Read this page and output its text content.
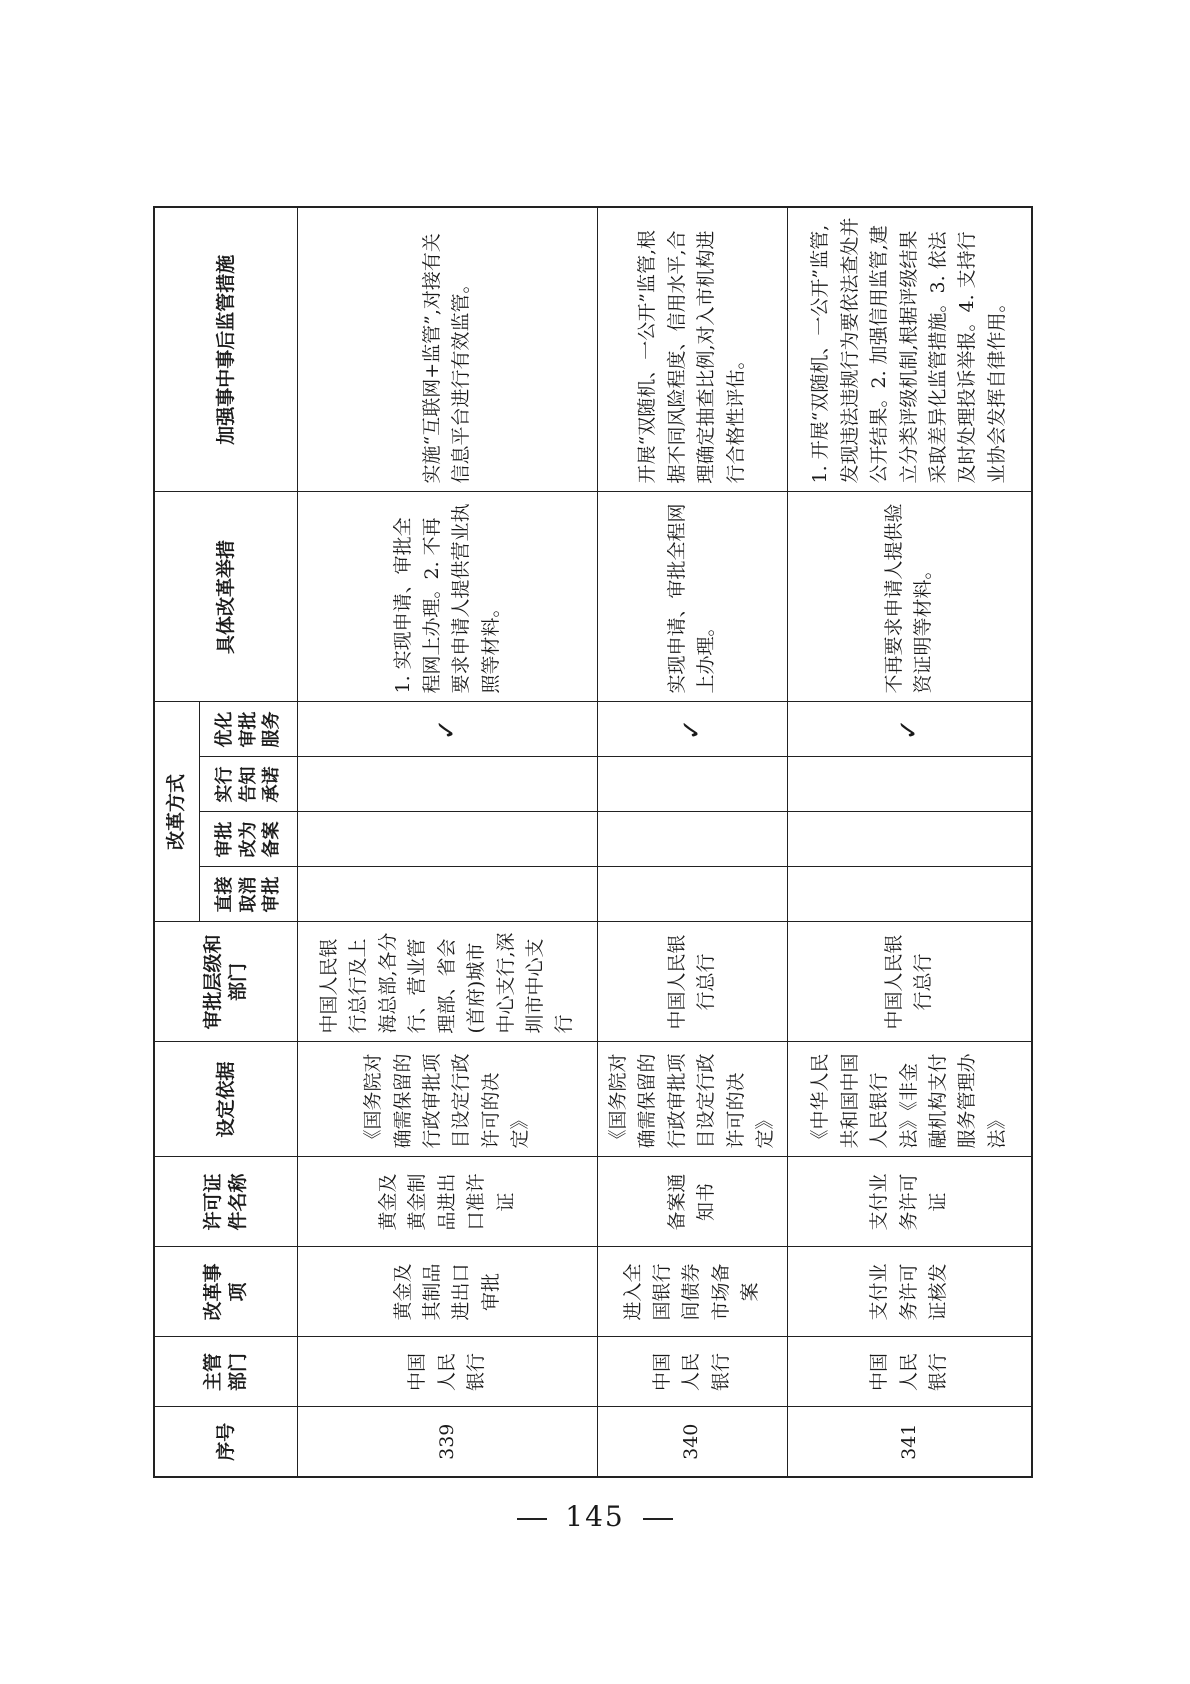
序号	主管部门	改革事项	许可证件名称	设定依据	审批层级和部门	改革方式				具体改革举措	加强事中事后监管措施
						直接取消审批	审批改为备案	实行告知承诺	优化审批服务		
339	中国人民银行	黄金及其制品进出口审批	黄金及黄金制品进出口准许证	《国务院对确需保留的行政审批项目设定行政许可的决定》	中国人民银行总行及上海总部,各分行、营业管理部、省会(首府)城市中心支行,深圳市中心支行				✓	1. 实现申请、审批全程网上办理。2. 不再要求申请人提供营业执照等材料。	实施“互联网+监管”,对接有关信息平台进行有效监管。
340	中国人民银行	进入全国银行间债券市场备案	备案通知书	《国务院对确需保留的行政审批项目设定行政许可的决定》	中国人民银行总行				✓	实现申请、审批全程网上办理。	开展“双随机、一公开”监管,根据不同风险程度、信用水平,合理确定抽查比例,对入市机构进行合格性评估。
341	中国人民银行	支付业务许可证核发	支付业务许可证	《中华人民共和国中国人民银行法》《非金融机构支付服务管理办法》	中国人民银行总行				✓	不再要求申请人提供验资证明等材料。	1. 开展“双随机、一公开”监管,发现违法违规行为要依法查处并公开结果。2. 加强信用监管,建立分类评级机制,根据评级结果采取差异化监管措施。3. 依法及时处理投诉举报。4. 支持行业协会发挥自律作用。
145
